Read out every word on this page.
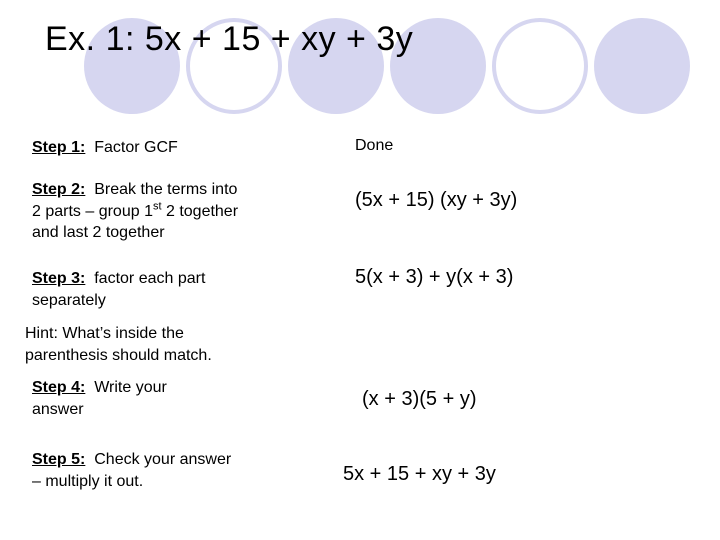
Ex. 1: 5x + 15 + xy + 3y
Step 1: Factor GCF	Done
Step 2: Break the terms into 2 parts – group 1st 2 together and last 2 together
(5x + 15) (xy + 3y)
Step 3: factor each part separately
5(x + 3) + y(x + 3)
Hint: What’s inside the parenthesis should match.
Step 4: Write your answer	(x + 3)(5 + y)
Step 5: Check your answer – multiply it out.	5x + 15 + xy + 3y
